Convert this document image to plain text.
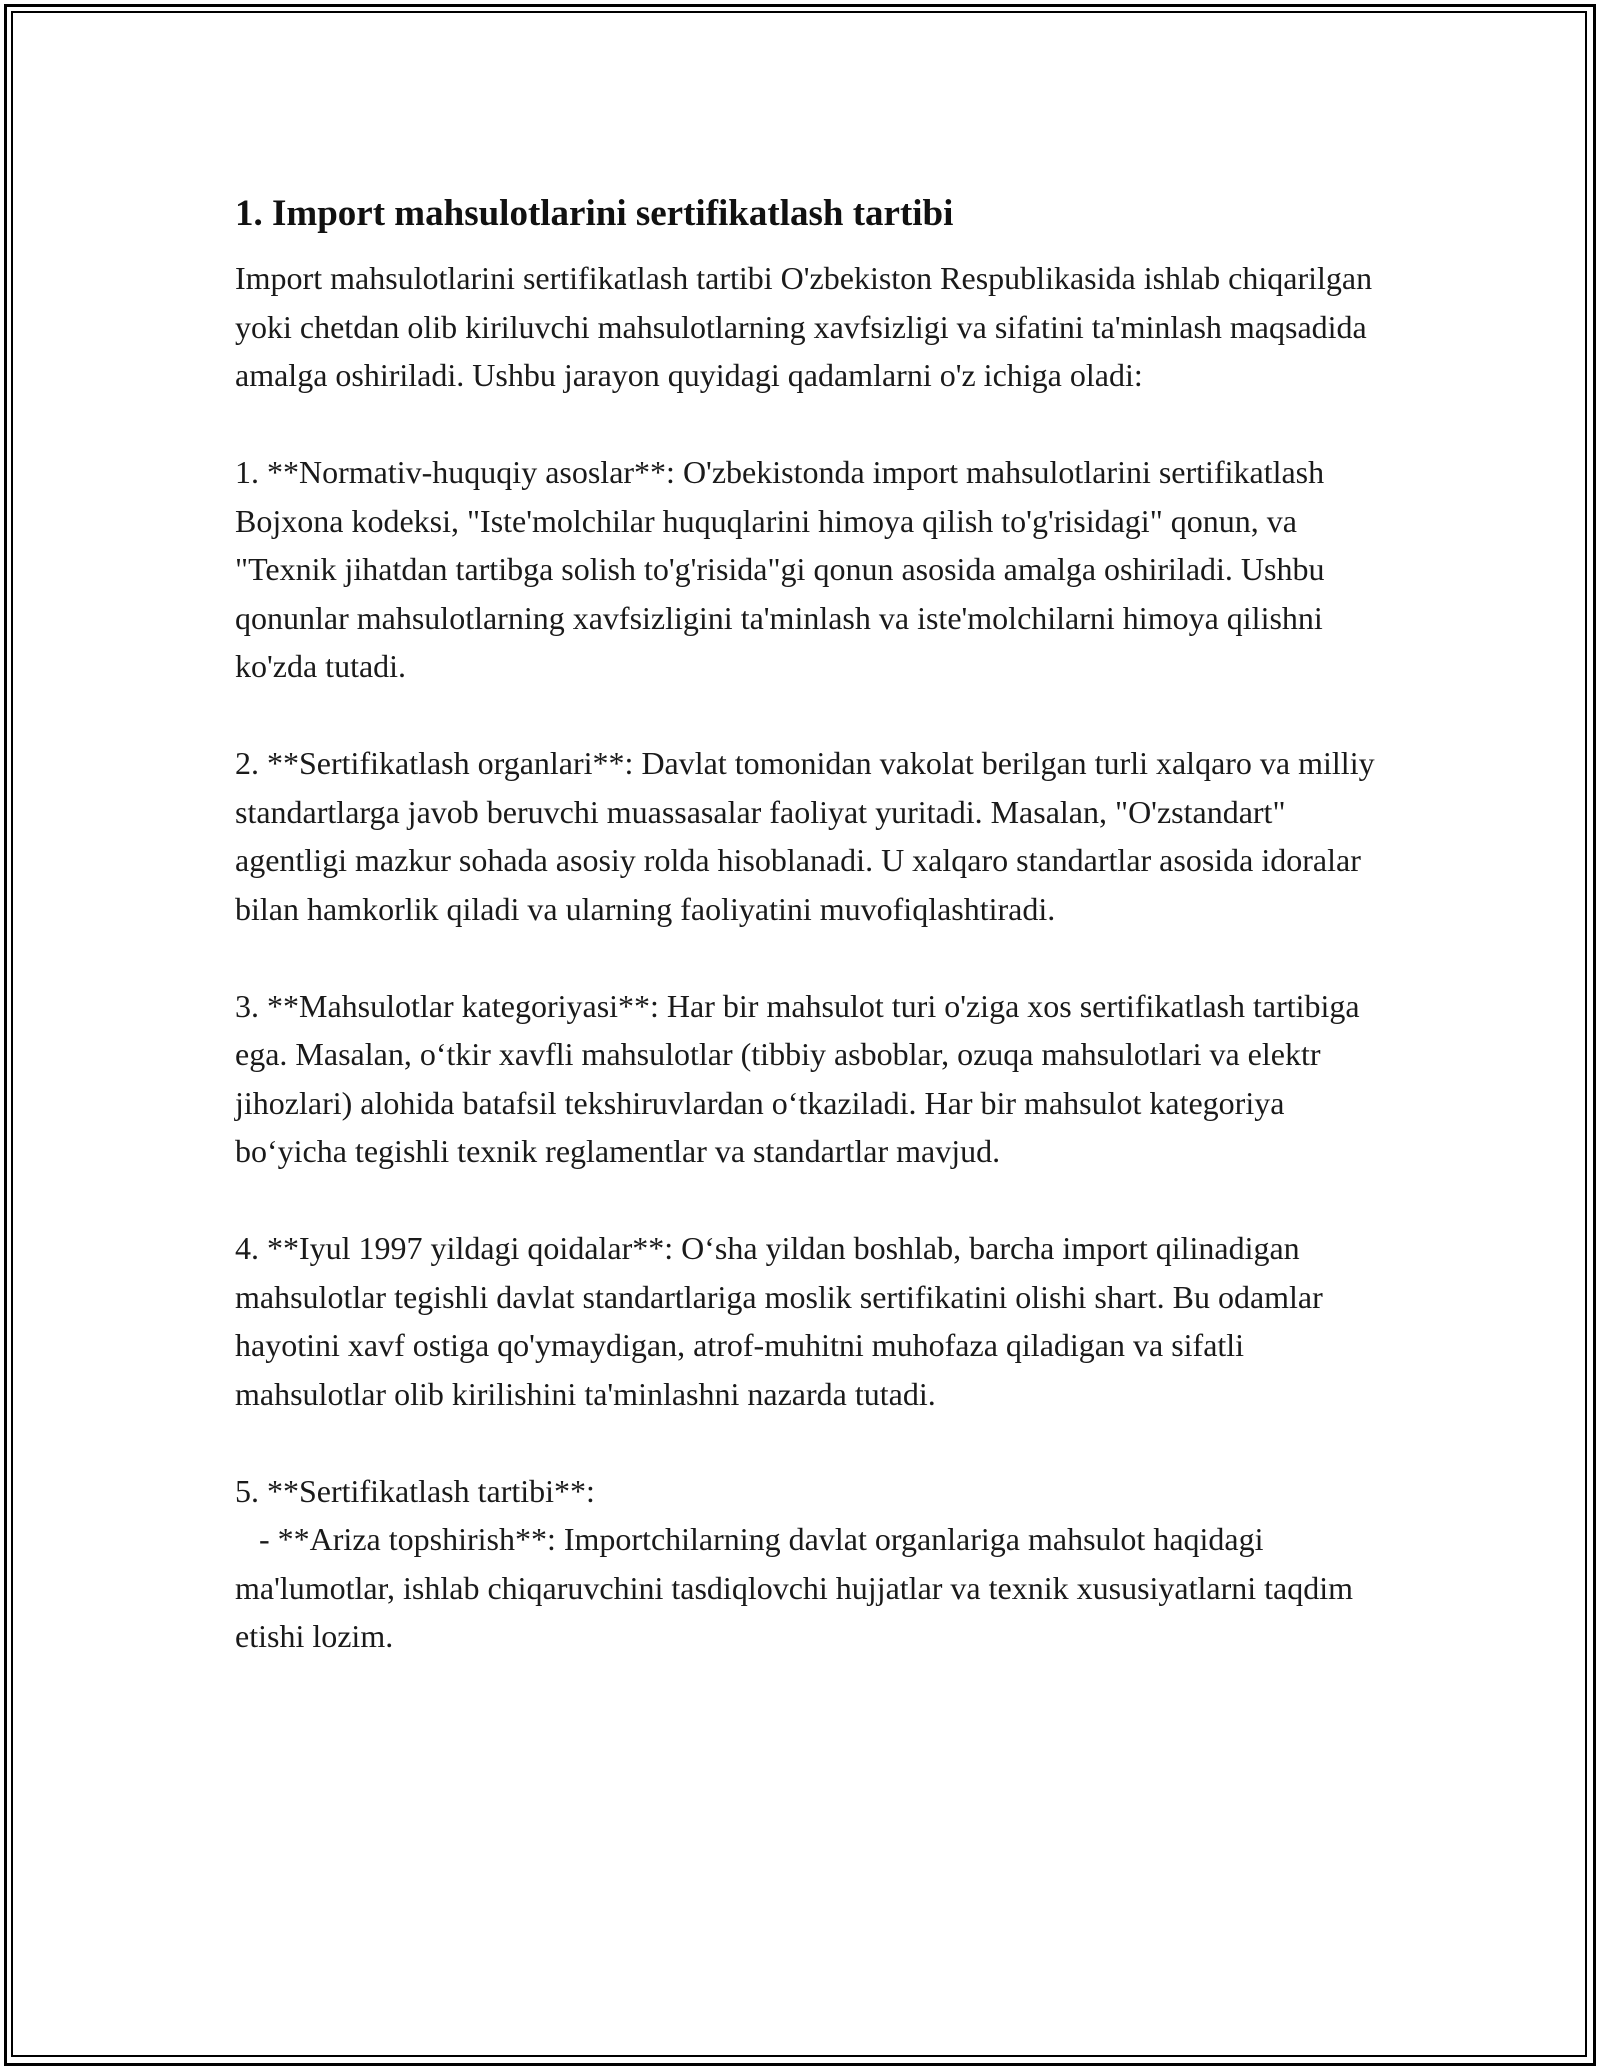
1. Import mahsulotlarini sertifikatlash tartibi

Import mahsulotlarini sertifikatlash tartibi O'zbekiston Respublikasida ishlab chiqarilgan yoki chetdan olib kiriluvchi mahsulotlarning xavfsizligi va sifatini ta'minlash maqsadida amalga oshiriladi. Ushbu jarayon quyidagi qadamlarni o'z ichiga oladi:

1. **Normativ-huquqiy asoslar**: O'zbekistonda import mahsulotlarini sertifikatlash Bojxona kodeksi, "Iste'molchilar huquqlarini himoya qilish to'g'risidagi" qonun, va "Texnik jihatdan tartibga solish to'g'risida"gi qonun asosida amalga oshiriladi. Ushbu qonunlar mahsulotlarning xavfsizligini ta'minlash va iste'molchilarni himoya qilishni ko'zda tutadi.

2. **Sertifikatlash organlari**: Davlat tomonidan vakolat berilgan turli xalqaro va milliy standartlarga javob beruvchi muassasalar faoliyat yuritadi. Masalan, "O'zstandart" agentligi mazkur sohada asosiy rolda hisoblanadi. U xalqaro standartlar asosida idoralar bilan hamkorlik qiladi va ularning faoliyatini muvofiqlashtiradi.

3. **Mahsulotlar kategoriyasi**: Har bir mahsulot turi o'ziga xos sertifikatlash tartibiga ega. Masalan, o‘tkir xavfli mahsulotlar (tibbiy asboblar, ozuqa mahsulotlari va elektr jihozlari) alohida batafsil tekshiruvlardan o‘tkaziladi. Har bir mahsulot kategoriya bo‘yicha tegishli texnik reglamentlar va standartlar mavjud.

4. **Iyul 1997 yildagi qoidalar**: O‘sha yildan boshlab, barcha import qilinadigan mahsulotlar tegishli davlat standartlariga moslik sertifikatini olishi shart. Bu odamlar hayotini xavf ostiga qo'ymaydigan, atrof-muhitni muhofaza qiladigan va sifatli mahsulotlar olib kirilishini ta'minlashni nazarda tutadi.

5. **Sertifikatlash tartibi**:
- **Ariza topshirish**: Importchilarning davlat organlariga mahsulot haqidagi ma'lumotlar, ishlab chiqaruvchini tasdiqlovchi hujjatlar va texnik xususiyatlarni taqdim etishi lozim.
